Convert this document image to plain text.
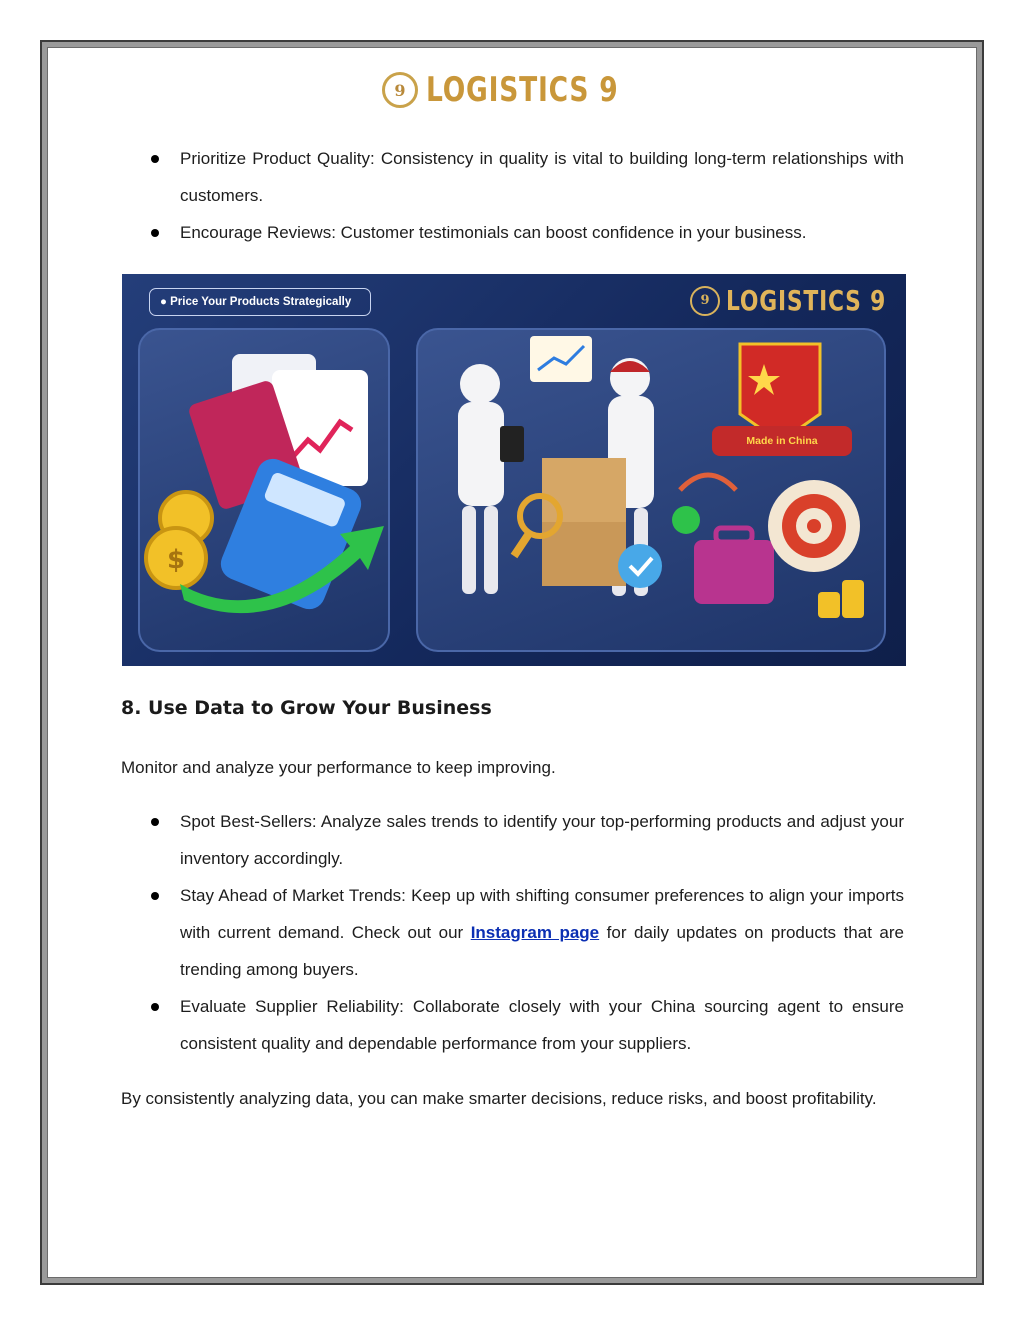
9 LOGISTICS 9
Prioritize Product Quality: Consistency in quality is vital to building long-term relationships with customers.
Encourage Reviews: Customer testimonials can boost confidence in your business.
● Price Your Products Strategically	9 LOGISTICS 9
$
Made in China
8. Use Data to Grow Your Business
Monitor and analyze your performance to keep improving.
Spot Best-Sellers: Analyze sales trends to identify your top-performing products and adjust your inventory accordingly.
Stay Ahead of Market Trends: Keep up with shifting consumer preferences to align your imports with current demand. Check out our Instagram page for daily updates on products that are trending among buyers.
Evaluate Supplier Reliability: Collaborate closely with your China sourcing agent to ensure consistent quality and dependable performance from your suppliers.
By consistently analyzing data, you can make smarter decisions, reduce risks, and boost profitability.
